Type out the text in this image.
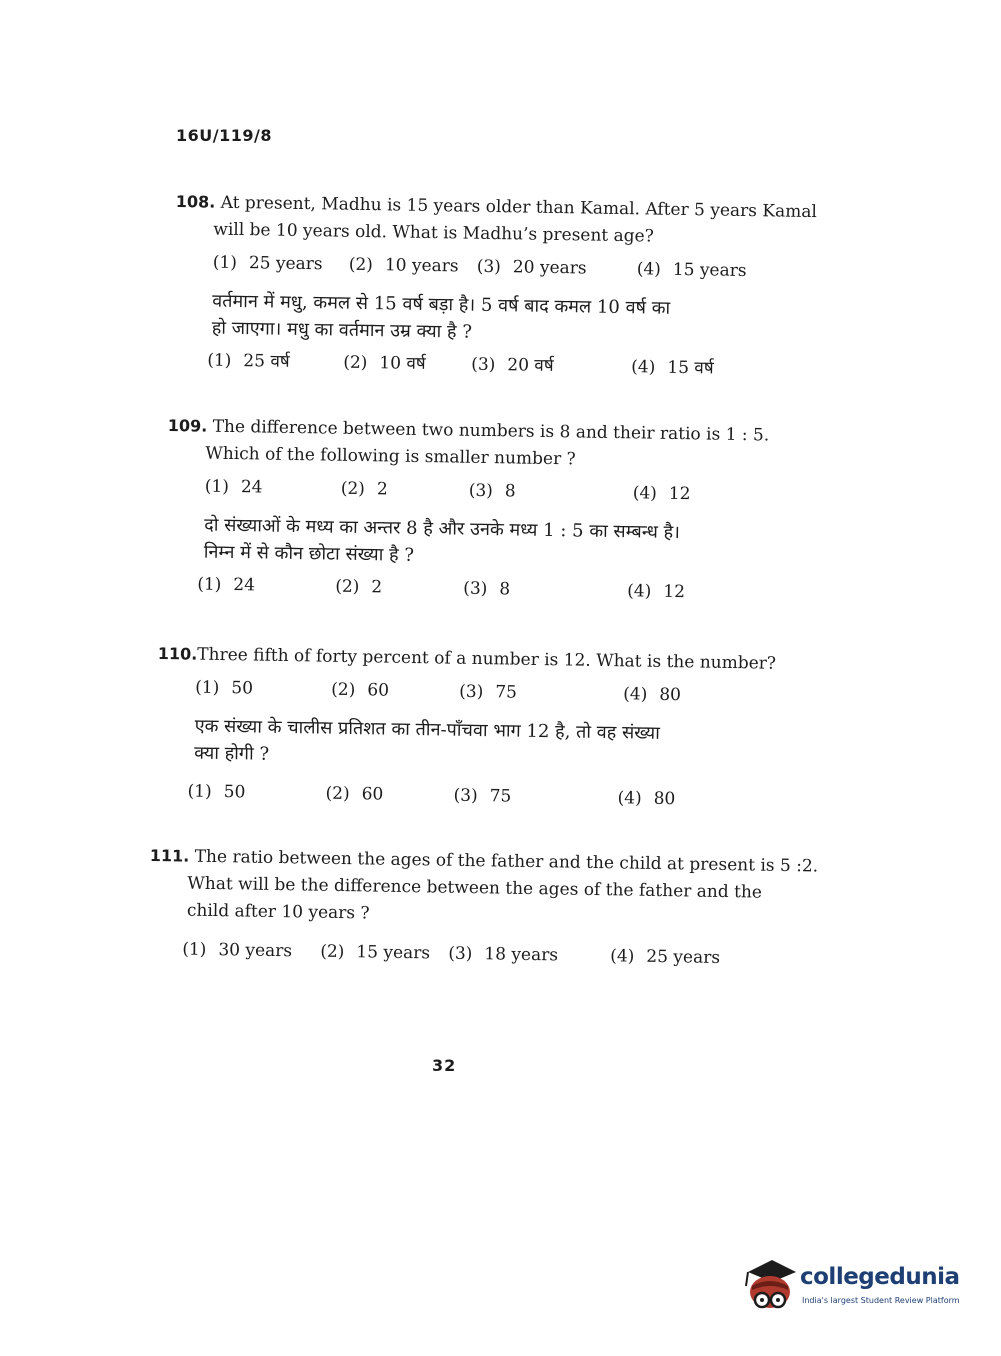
16U/119/8
108. At present, Madhu is 15 years older than Kamal. After 5 years Kamal
will be 10 years old. What is Madhu’s present age?
(1) 25 years (2) 10 years (3) 20 years	(4) 15 years
वर्तमान में मधु, कमल से 15 वर्ष बड़ा है। 5 वर्ष बाद कमल 10 वर्ष का
हो जाएगा। मधु का वर्तमान उम्र क्या है ?
(1) 25 वर्ष	(2) 10 वर्ष	(3) 20 वर्ष	(4) 15 वर्ष
109. The difference between two numbers is 8 and their ratio is 1 : 5.
Which of the following is smaller number ?
(1) 24	(2) 2	(3) 8	(4) 12
दो संख्याओं के मध्य का अन्तर 8 है और उनके मध्य 1 : 5 का सम्बन्ध है।
निम्न में से कौन छोटा संख्या है ?
(1) 24	(2) 2	(3) 8	(4) 12
110.Three fifth of forty percent of a number is 12. What is the number?
(1) 50	(2) 60	(3) 75	(4) 80
एक संख्या के चालीस प्रतिशत का तीन-पाँचवा भाग 12 है, तो वह संख्या
क्या होगी ?
(1) 50	(2) 60	(3) 75	(4) 80
111. The ratio between the ages of the father and the child at present is 5 :2.
What will be the difference between the ages of the father and the
child after 10 years ?
(1) 30 years (2) 15 years (3) 18 years	(4) 25 years
32
collegedunia
India's largest Student Review Platform
